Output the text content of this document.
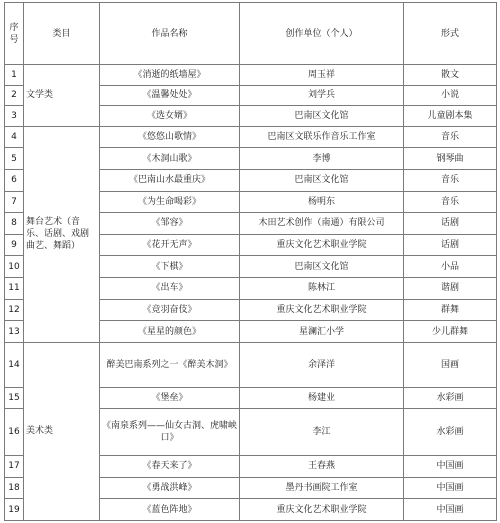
序
号	类目	作品名称	创作单位（个人）	形式
1	文学类	《消逝的纸墙屋》	周玉祥	散文
2		《温馨处处》	刘学兵	小说
3		《选女婿》	巴南区文化馆	儿童剧本集
4	舞台艺术（音乐、话剧、戏剧曲艺、舞蹈）	《悠悠山歌情》	巴南区文联乐作音乐工作室	音乐
5		《木洞山歌》	李博	钢琴曲
6		《巴南山水最重庆》	巴南区文化馆	音乐
7		《为生命喝彩》	杨明东	音乐
8		《邹容》	木田艺术创作（南通）有限公司	话剧
9		《花开无声》	重庆文化艺术职业学院	话剧
10		《下棋》	巴南区文化馆	小品
11		《出车》	陈林江	谐剧
12		《竞羽奋伎》	重庆文化艺术职业学院	群舞
13		《星星的颜色》	星澜汇小学	少儿群舞
14	美术类	醉美巴南系列之一《醉美木洞》	余泽洋	国画
15		《堡垒》	杨建业	水彩画
16		《南泉系列——仙女古洞、虎啸峡口》	李江	水彩画
17		《春天来了》	王春燕	中国画
18		《勇战洪峰》	墨丹书画院工作室	中国画
19		《蓝色阵地》	重庆文化艺术职业学院	中国画
